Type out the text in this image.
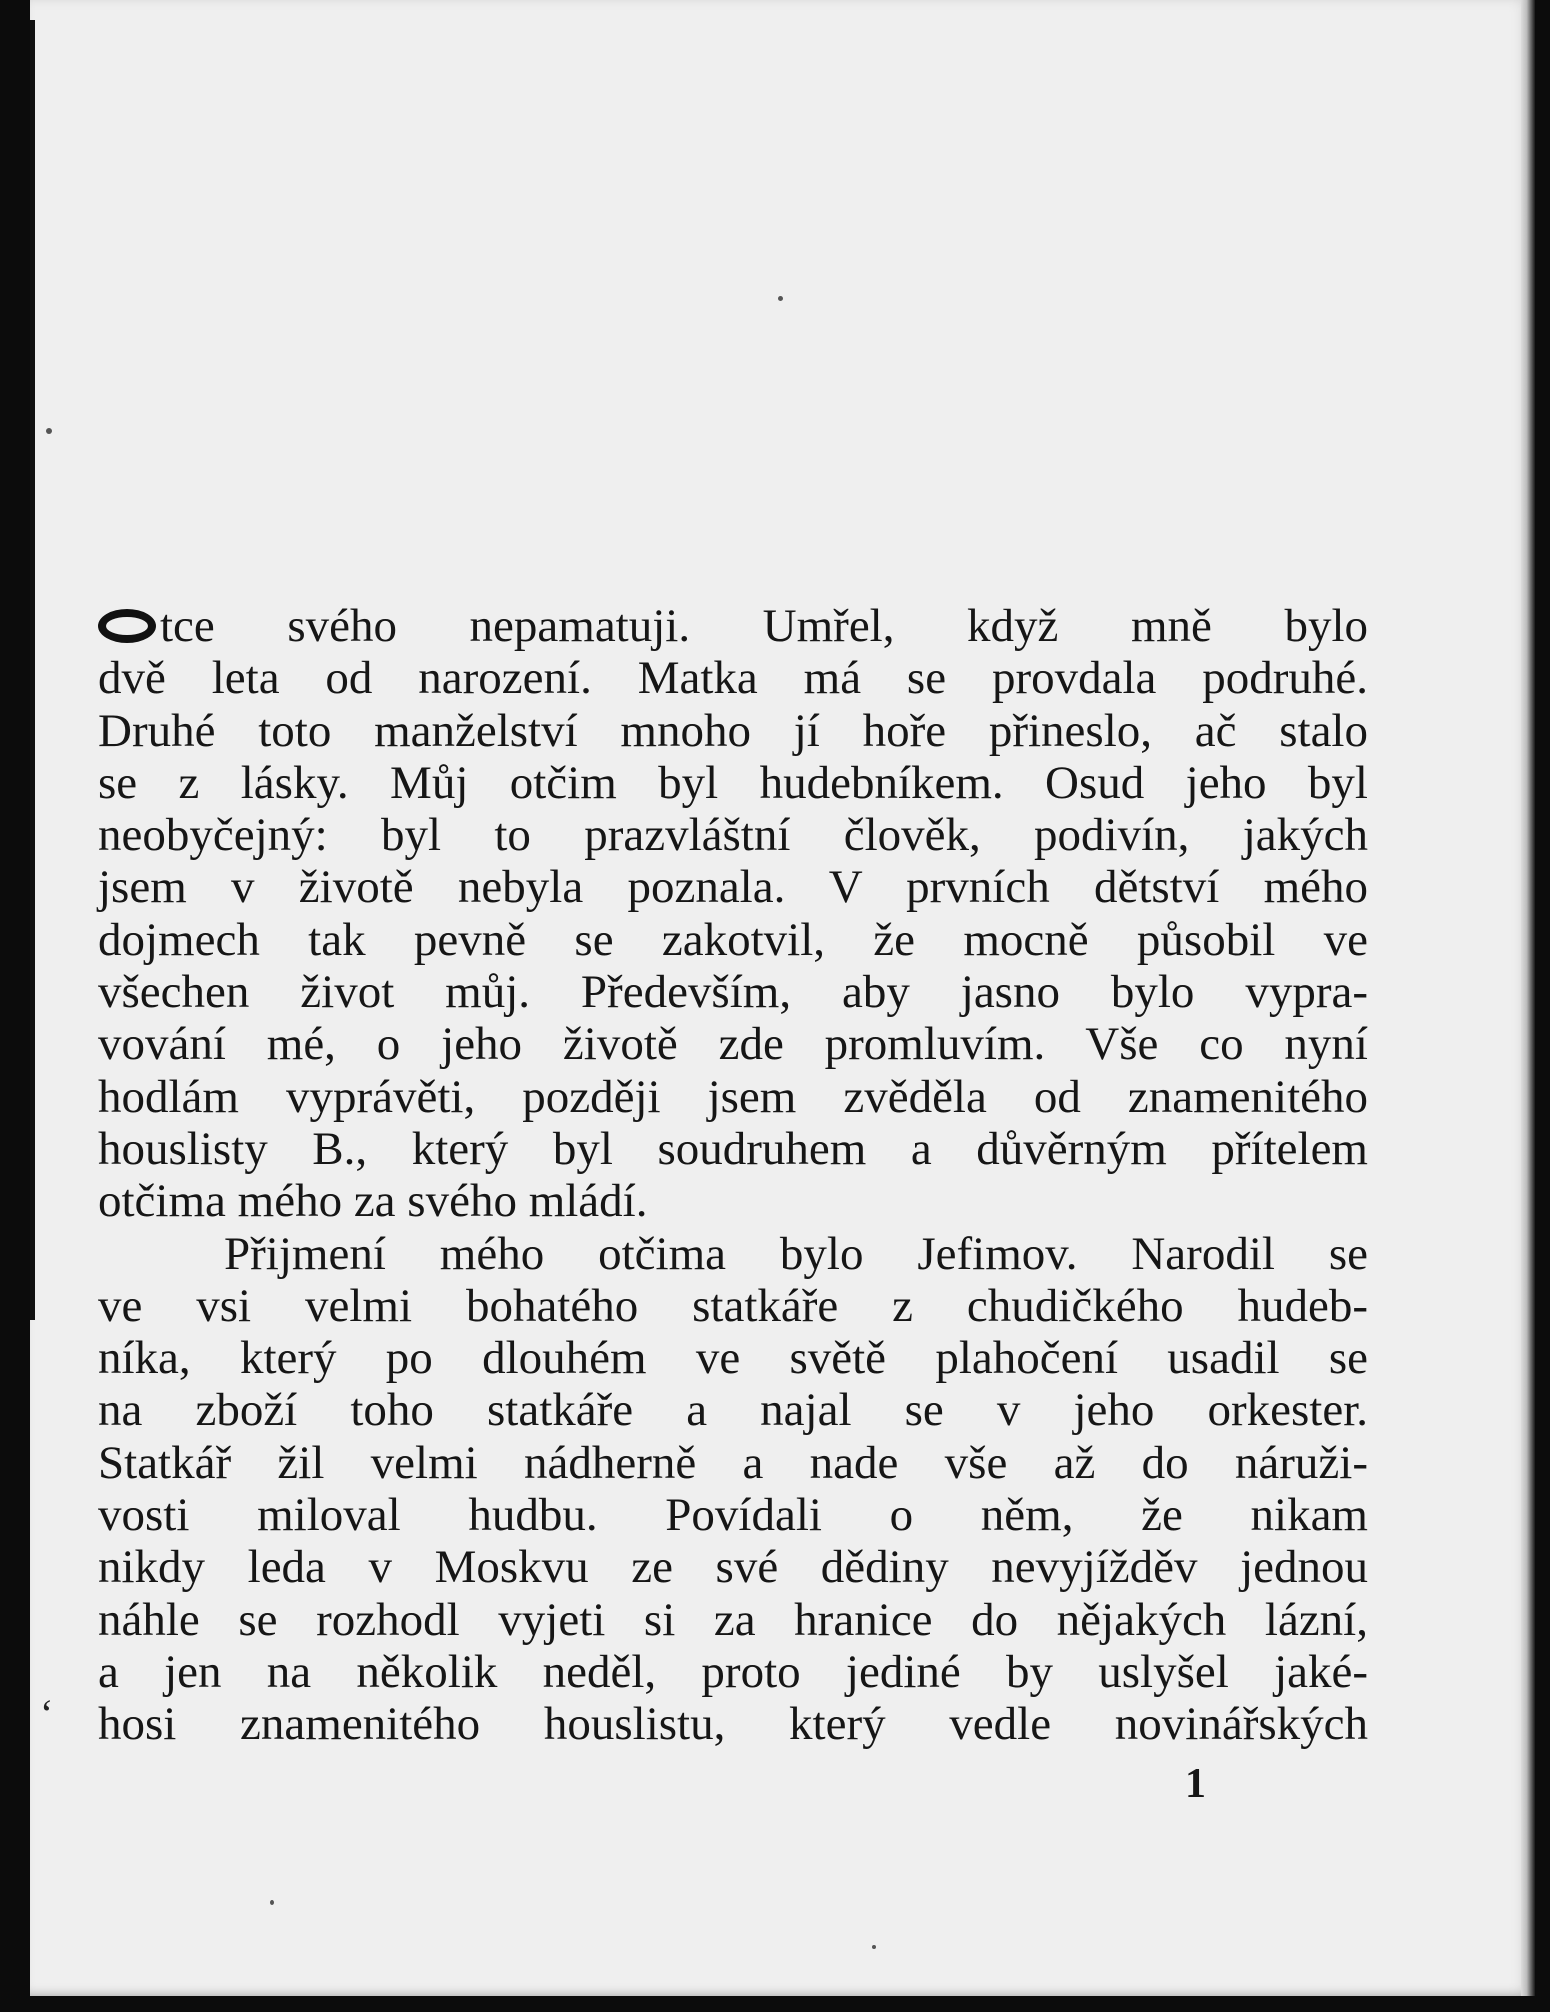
tce svého nepamatuji. Umřel, když mně bylo
dvě leta od narození. Matka má se provdala podruhé.
Druhé toto manželství mnoho jí hoře přineslo, ač stalo
se z lásky. Můj otčim byl hudebníkem. Osud jeho byl
neobyčejný: byl to prazvláštní člověk, podivín, jakých
jsem v životě nebyla poznala. V prvních dětství mého
dojmech tak pevně se zakotvil, že mocně působil ve
všechen život můj. Především, aby jasno bylo vypra-
vování mé, o jeho životě zde promluvím. Vše co nyní
hodlám vyprávěti, později jsem zvěděla od znamenitého
houslisty B., který byl soudruhem a důvěrným přítelem
otčima mého za svého mládí.
Přijmení mého otčima bylo Jefimov. Narodil se
ve vsi velmi bohatého statkáře z chudičkého hudeb-
níka, který po dlouhém ve světě plahočení usadil se
na zboží toho statkáře a najal se v jeho orkester.
Statkář žil velmi nádherně a nade vše až do náruži-
vosti miloval hudbu. Povídali o něm, že nikam
nikdy leda v Moskvu ze své dědiny nevyjížděv jednou
náhle se rozhodl vyjeti si za hranice do nějakých lázní,
a jen na několik neděl, proto jediné by uslyšel jaké-
hosi znamenitého houslistu, který vedle novinářských
ʻ
1
